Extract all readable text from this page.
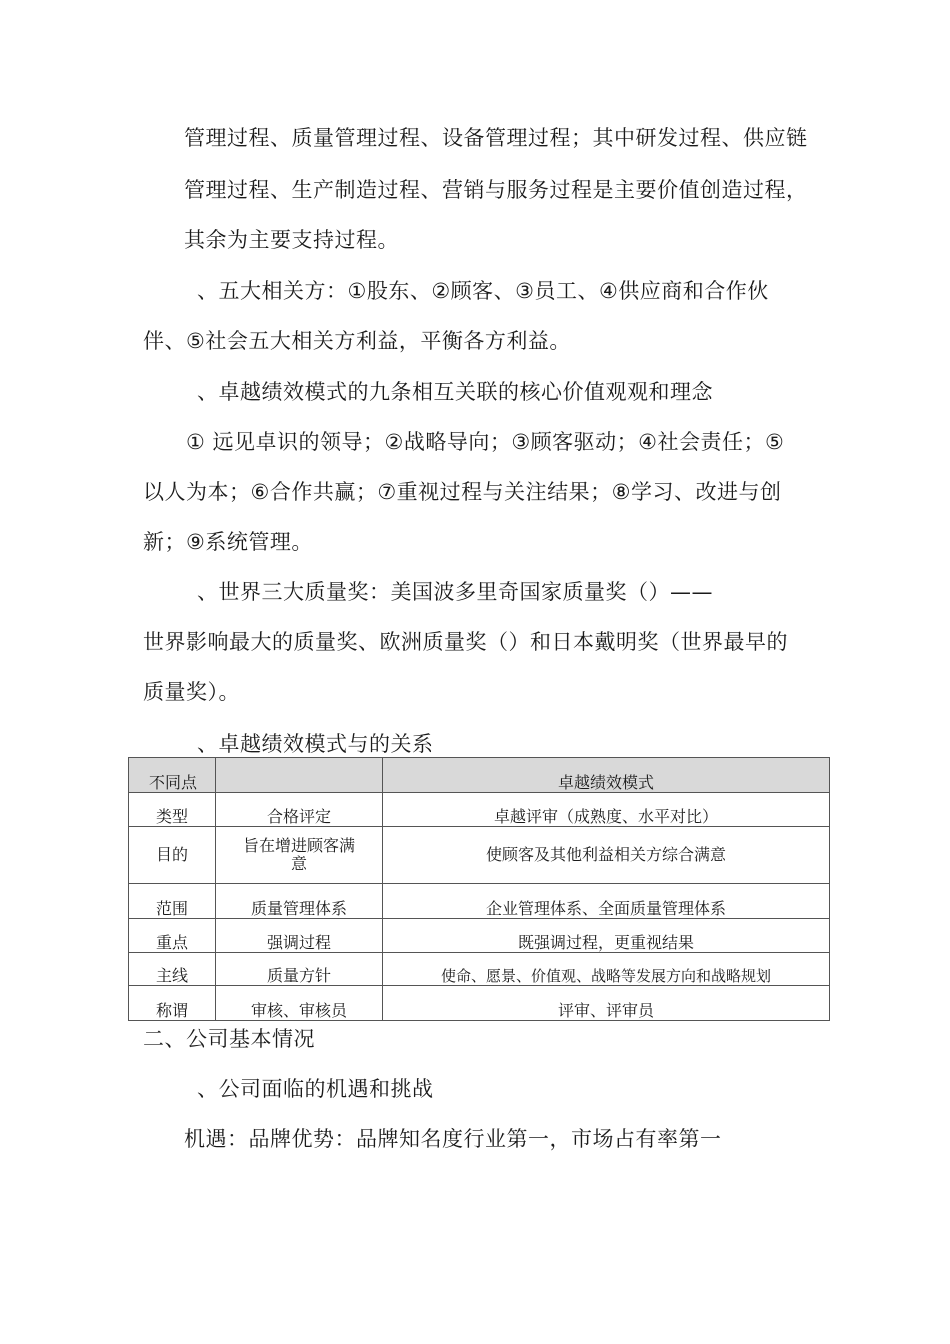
管理过程、质量管理过程、设备管理过程；其中研发过程、供应链
管理过程、生产制造过程、营销与服务过程是主要价值创造过程，
其余为主要支持过程。
、五大相关方：①股东、②顾客、③员工、④供应商和合作伙
伴、⑤社会五大相关方利益，平衡各方利益。
、卓越绩效模式的九条相互关联的核心价值观观和理念
① 远见卓识的领导；②战略导向；③顾客驱动；④社会责任；⑤
以人为本；⑥合作共赢；⑦重视过程与关注结果；⑧学习、改进与创
新；⑨系统管理。
、世界三大质量奖：美国波多里奇国家质量奖（）——
世界影响最大的质量奖、欧洲质量奖（）和日本戴明奖（世界最早的
质量奖）。
、卓越绩效模式与的关系
不同点		卓越绩效模式
类型	合格评定	卓越评审（成熟度、水平对比）
目的	旨在增进顾客满意	使顾客及其他利益相关方综合满意
范围	质量管理体系	企业管理体系、全面质量管理体系
重点	强调过程	既强调过程，更重视结果
主线	质量方针	使命、愿景、价值观、战略等发展方向和战略规划
称谓	审核、审核员	评审、评审员
二、公司基本情况
、公司面临的机遇和挑战
机遇：品牌优势：品牌知名度行业第一，市场占有率第一
